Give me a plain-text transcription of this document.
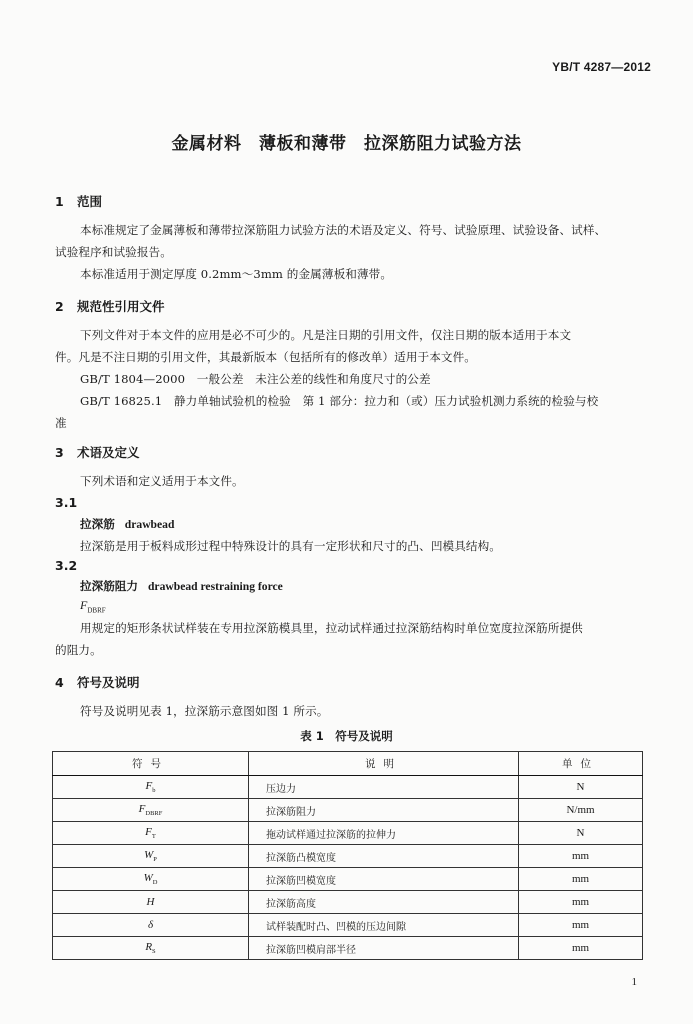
YB/T 4287—2012
金属材料　薄板和薄带　拉深筋阻力试验方法
1 范围
本标准规定了金属薄板和薄带拉深筋阻力试验方法的术语及定义、符号、试验原理、试验设备、试样、
试验程序和试验报告。
本标准适用于测定厚度 0.2mm～3mm 的金属薄板和薄带。
2 规范性引用文件
下列文件对于本文件的应用是必不可少的。凡是注日期的引用文件，仅注日期的版本适用于本文
件。凡是不注日期的引用文件，其最新版本（包括所有的修改单）适用于本文件。
GB/T 1804—2000　一般公差　未注公差的线性和角度尺寸的公差
GB/T 16825.1　静力单轴试验机的检验　第 1 部分：拉力和（或）压力试验机测力系统的检验与校
准
3 术语及定义
下列术语和定义适用于本文件。
3.1
拉深筋 drawbead
拉深筋是用于板料成形过程中特殊设计的具有一定形状和尺寸的凸、凹模具结构。
3.2
拉深筋阻力 drawbead restraining force
$F_{DBRF}$
用规定的矩形条状试样装在专用拉深筋模具里，拉动试样通过拉深筋结构时单位宽度拉深筋所提供
的阻力。
4 符号及说明
符号及说明见表 1，拉深筋示意图如图 1 所示。
表 1　符号及说明
符号	说明	单位
$F_b$	压边力	N
$F_{DBRF}$	拉深筋阻力	N/mm
$F_T$	拖动试样通过拉深筋的拉伸力	N
$W_P$	拉深筋凸模宽度	mm
$W_D$	拉深筋凹模宽度	mm
H	拉深筋高度	mm
δ	试样装配时凸、凹模的压边间隙	mm
$R_S$	拉深筋凹模肩部半径	mm
1
